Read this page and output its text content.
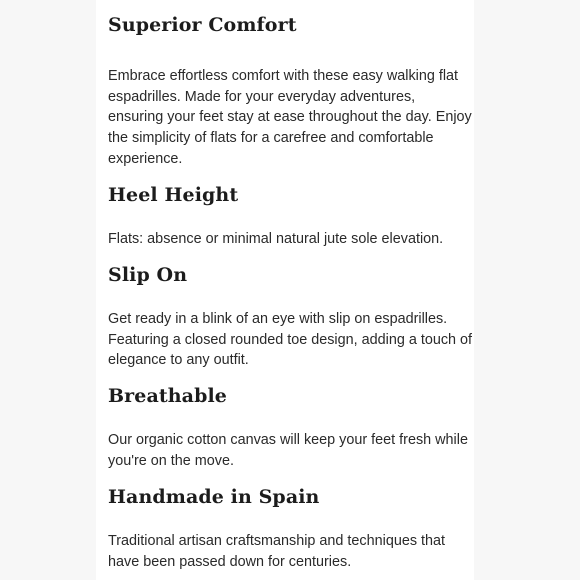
Superior Comfort

Embrace effortless comfort with these easy walking flat espadrilles. Made for your everyday adventures, ensuring your feet stay at ease throughout the day. Enjoy the simplicity of flats for a carefree and comfortable experience.

Heel Height

Flats: absence or minimal natural jute sole elevation.

Slip On

Get ready in a blink of an eye with slip on espadrilles. Featuring a closed rounded toe design, adding a touch of elegance to any outfit.

Breathable

Our organic cotton canvas will keep your feet fresh while you're on the move.

Handmade in Spain

Traditional artisan craftsmanship and techniques that have been passed down for centuries.
